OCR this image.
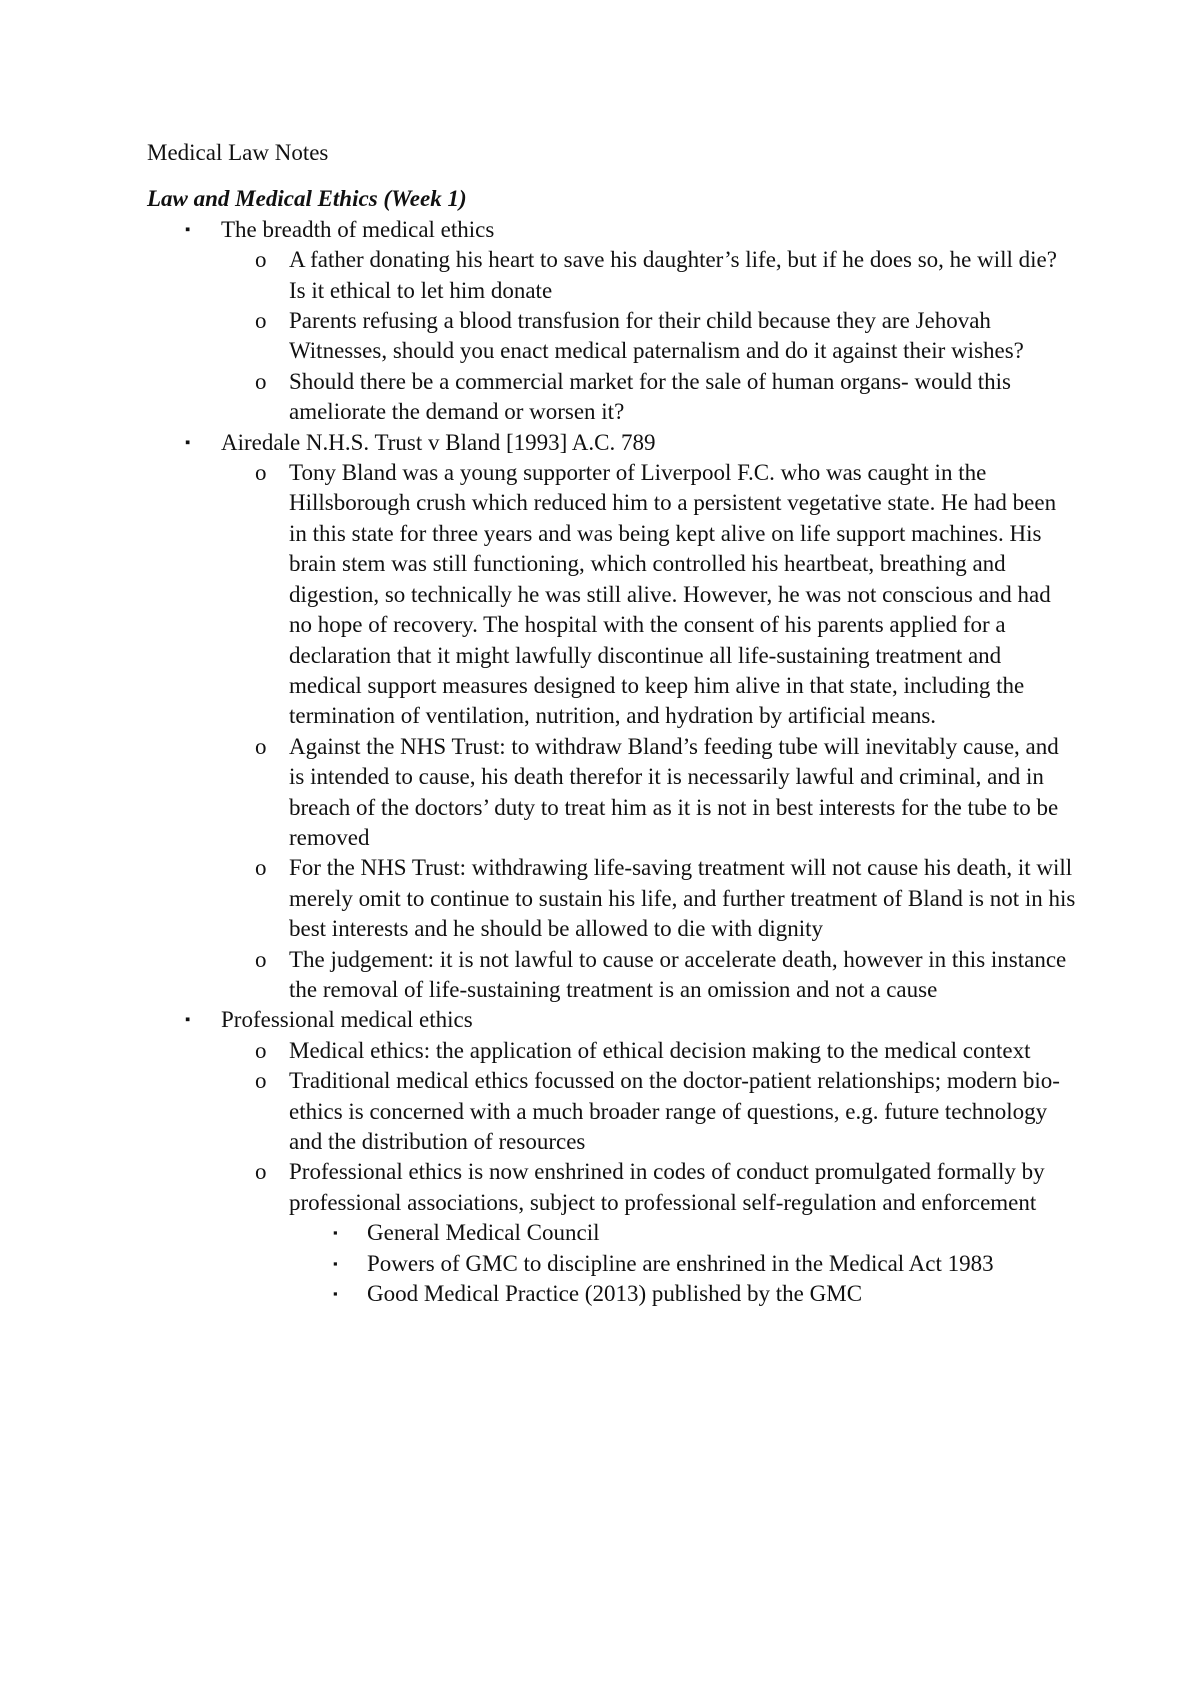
Medical Law Notes
Law and Medical Ethics (Week 1)
▪	The breadth of medical ethics
o A father donating his heart to save his daughter’s life, but if he does so, he will die? Is it ethical to let him donate
o Parents refusing a blood transfusion for their child because they are Jehovah Witnesses, should you enact medical paternalism and do it against their wishes?
o Should there be a commercial market for the sale of human organs- would this ameliorate the demand or worsen it?
▪	Airedale N.H.S. Trust v Bland [1993] A.C. 789
o Tony Bland was a young supporter of Liverpool F.C. who was caught in the Hillsborough crush which reduced him to a persistent vegetative state. He had been in this state for three years and was being kept alive on life support machines. His brain stem was still functioning, which controlled his heartbeat, breathing and digestion, so technically he was still alive. However, he was not conscious and had no hope of recovery. The hospital with the consent of his parents applied for a declaration that it might lawfully discontinue all life-sustaining treatment and medical support measures designed to keep him alive in that state, including the termination of ventilation, nutrition, and hydration by artificial means.
o Against the NHS Trust: to withdraw Bland’s feeding tube will inevitably cause, and is intended to cause, his death therefor it is necessarily lawful and criminal, and in breach of the doctors’ duty to treat him as it is not in best interests for the tube to be removed
o For the NHS Trust: withdrawing life-saving treatment will not cause his death, it will merely omit to continue to sustain his life, and further treatment of Bland is not in his best interests and he should be allowed to die with dignity
o The judgement: it is not lawful to cause or accelerate death, however in this instance the removal of life-sustaining treatment is an omission and not a cause
▪	Professional medical ethics
o Medical ethics: the application of ethical decision making to the medical context
o Traditional medical ethics focussed on the doctor-patient relationships; modern bio-ethics is concerned with a much broader range of questions, e.g. future technology and the distribution of resources
o Professional ethics is now enshrined in codes of conduct promulgated formally by professional associations, subject to professional self-regulation and enforcement
▪	General Medical Council
▪	Powers of GMC to discipline are enshrined in the Medical Act 1983
▪	Good Medical Practice (2013) published by the GMC
